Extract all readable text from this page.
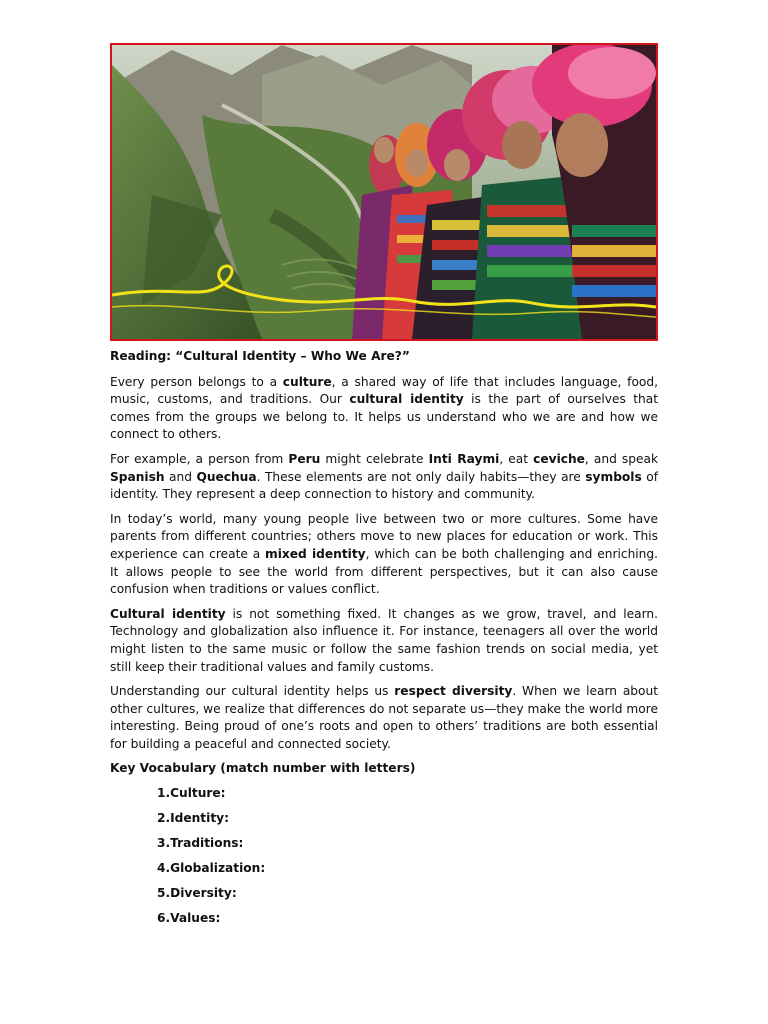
Reading: “Cultural Identity – Who We Are?”

Every person belongs to a culture, a shared way of life that includes language, food, music, customs, and traditions. Our cultural identity is the part of ourselves that comes from the groups we belong to. It helps us understand who we are and how we connect to others.

For example, a person from Peru might celebrate Inti Raymi, eat ceviche, and speak Spanish and Quechua. These elements are not only daily habits—they are symbols of identity. They represent a deep connection to history and community.

In today’s world, many young people live between two or more cultures. Some have parents from different countries; others move to new places for education or work. This experience can create a mixed identity, which can be both challenging and enriching. It allows people to see the world from different perspectives, but it can also cause confusion when traditions or values conflict.

Cultural identity is not something fixed. It changes as we grow, travel, and learn. Technology and globalization also influence it. For instance, teenagers all over the world might listen to the same music or follow the same fashion trends on social media, yet still keep their traditional values and family customs.

Understanding our cultural identity helps us respect diversity. When we learn about other cultures, we realize that differences do not separate us—they make the world more interesting. Being proud of one’s roots and open to others’ traditions are both essential for building a peaceful and connected society.

Key Vocabulary (match number with letters)
1.Culture:
2.Identity:
3.Traditions:
4.Globalization:
5.Diversity:
6.Values:
